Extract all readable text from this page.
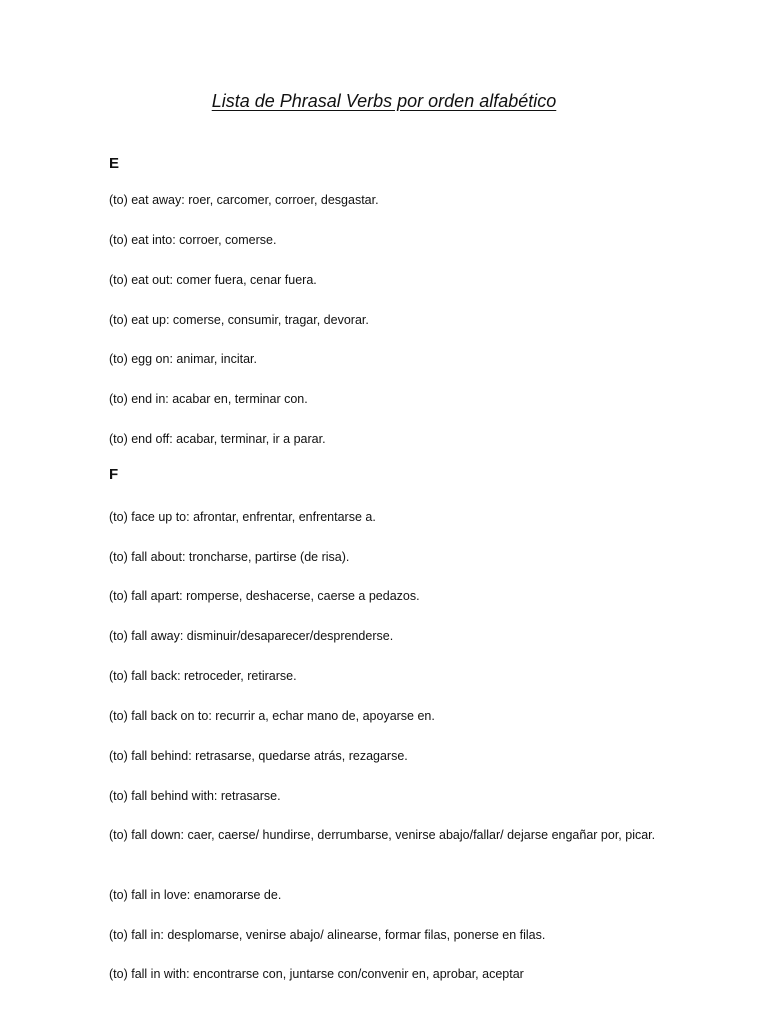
Lista de Phrasal Verbs por orden alfabético
E
(to) eat away: roer, carcomer, corroer, desgastar.
(to) eat into: corroer, comerse.
(to) eat out: comer fuera, cenar fuera.
(to) eat up: comerse, consumir, tragar, devorar.
(to) egg on: animar, incitar.
(to) end in: acabar en, terminar con.
(to) end off: acabar, terminar, ir a parar.
F
(to) face up to: afrontar, enfrentar, enfrentarse a.
(to) fall about: troncharse, partirse (de risa).
(to) fall apart: romperse, deshacerse, caerse a pedazos.
(to) fall away: disminuir/desaparecer/desprenderse.
(to) fall back: retroceder, retirarse.
(to) fall back on to: recurrir a, echar mano de, apoyarse en.
(to) fall behind: retrasarse, quedarse atrás, rezagarse.
(to) fall behind with: retrasarse.
(to) fall down: caer, caerse/ hundirse, derrumbarse, venirse abajo/fallar/ dejarse engañar por, picar.
(to) fall in love: enamorarse de.
(to) fall in: desplomarse, venirse abajo/ alinearse, formar filas, ponerse en filas.
(to) fall in with: encontrarse con, juntarse con/convenir en, aprobar, aceptar
